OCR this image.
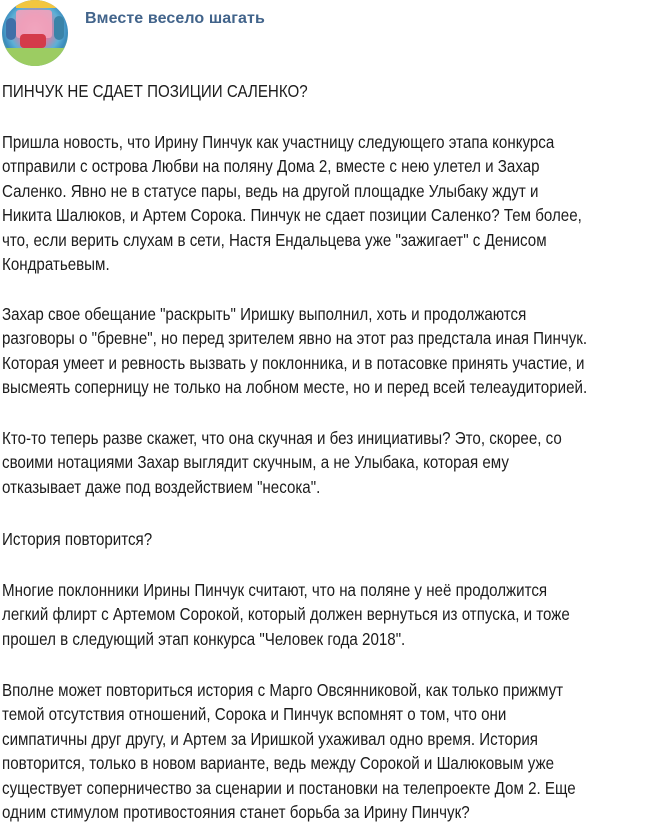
Вместе весело шагать
ПИНЧУК НЕ СДАЕТ ПОЗИЦИИ САЛЕНКО?
Пришла новость, что Ирину Пинчук как участницу следующего этапа конкурса
отправили с острова Любви на поляну Дома 2, вместе с нею улетел и Захар
Саленко. Явно не в статусе пары, ведь на другой площадке Улыбаку ждут и
Никита Шалюков, и Артем Сорока. Пинчук не сдает позиции Саленко? Тем более,
что, если верить слухам в сети, Настя Ендальцева уже "зажигает" с Денисом
Кондратьевым.
Захар свое обещание "раскрыть" Иришку выполнил, хоть и продолжаются
разговоры о "бревне", но перед зрителем явно на этот раз предстала иная Пинчук.
Которая умеет и ревность вызвать у поклонника, и в потасовке принять участие, и
высмеять соперницу не только на лобном месте, но и перед всей телеаудиторией.
Кто-то теперь разве скажет, что она скучная и без инициативы? Это, скорее, со
своими нотациями Захар выглядит скучным, а не Улыбака, которая ему
отказывает даже под воздействием "несока".
История повторится?
Многие поклонники Ирины Пинчук считают, что на поляне у неё продолжится
легкий флирт с Артемом Сорокой, который должен вернуться из отпуска, и тоже
прошел в следующий этап конкурса "Человек года 2018".
Вполне может повториться история с Марго Овсянниковой, как только прижмут
темой отсутствия отношений, Сорока и Пинчук вспомнят о том, что они
симпатичны друг другу, и Артем за Иришкой ухаживал одно время. История
повторится, только в новом варианте, ведь между Сорокой и Шалюковым уже
существует соперничество за сценарии и постановки на телепроекте Дом 2. Еще
одним стимулом противостояния станет борьба за Ирину Пинчук?
